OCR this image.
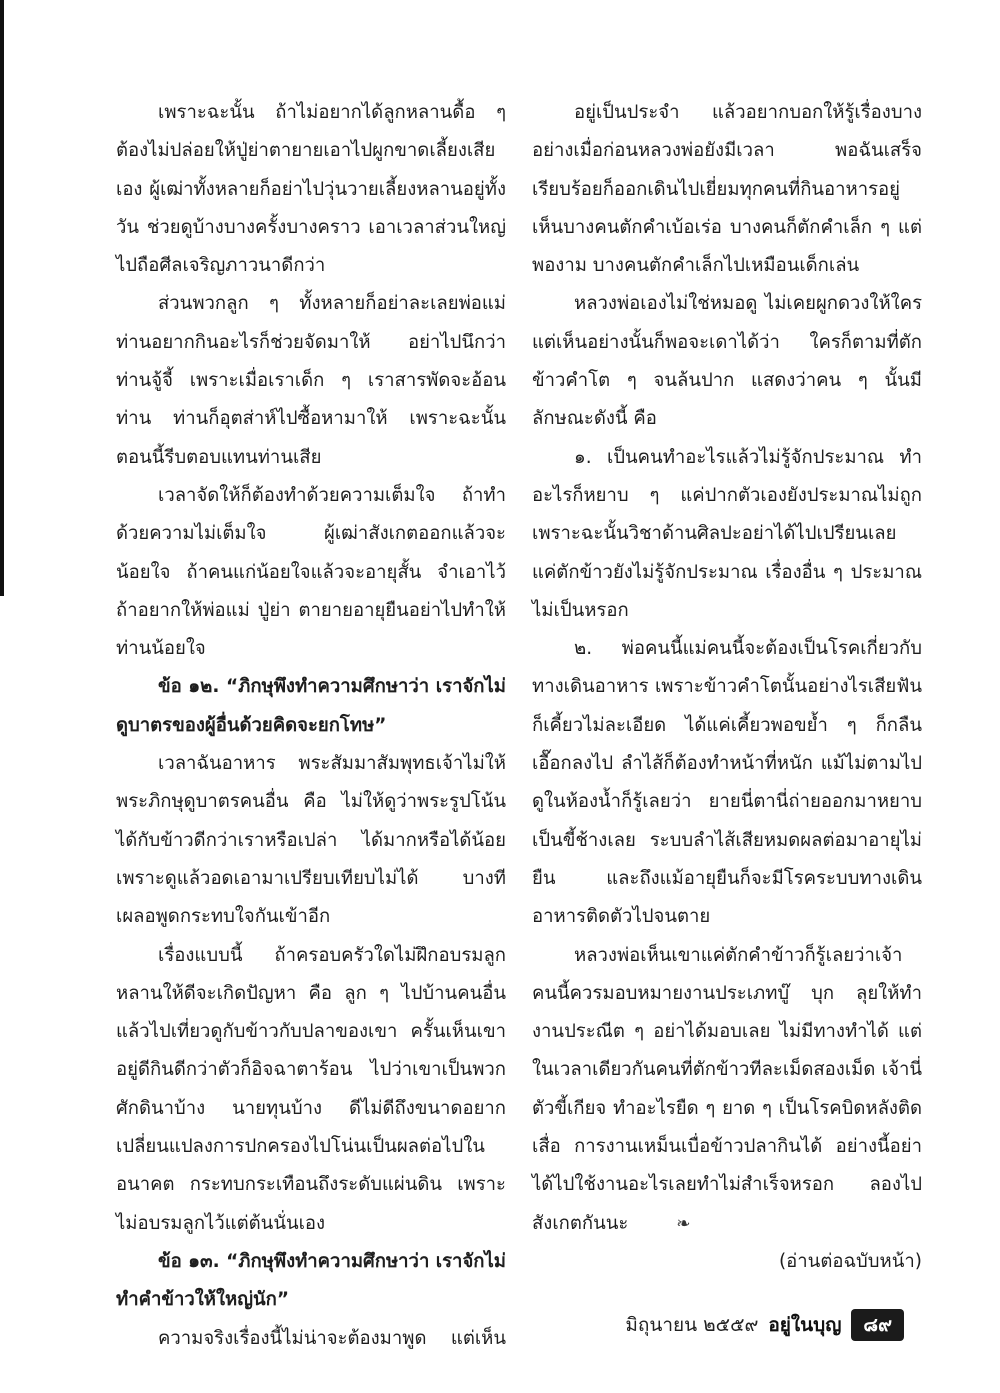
เพราะฉะนั้น ถ้าไม่อยากได้ลูกหลานดื้อ ๆ ต้องไม่ปล่อยให้ปู่ย่าตายายเอาไปผูกขาดเลี้ยงเสียเอง ผู้เฒ่าทั้งหลายก็อย่าไปวุ่นวายเลี้ยงหลานอยู่ทั้งวัน ช่วยดูบ้างบางครั้งบางคราว เอาเวลาส่วนใหญ่ไปถือศีลเจริญภาวนาดีกว่า

ส่วนพวกลูก ๆ ทั้งหลายก็อย่าละเลยพ่อแม่ ท่านอยากกินอะไรก็ช่วยจัดมาให้ อย่าไปนึกว่าท่านจู้จี้ เพราะเมื่อเราเด็ก ๆ เราสารพัดจะอ้อนท่าน ท่านก็อุตส่าห์ไปซื้อหามาให้ เพราะฉะนั้นตอนนี้รีบตอบแทนท่านเสีย

เวลาจัดให้ก็ต้องทำด้วยความเต็มใจ ถ้าทำด้วยความไม่เต็มใจ ผู้เฒ่าสังเกตออกแล้วจะน้อยใจ ถ้าคนแก่น้อยใจแล้วจะอายุสั้น จำเอาไว้ ถ้าอยากให้พ่อแม่ ปู่ย่า ตายายอายุยืนอย่าไปทำให้ท่านน้อยใจ

ข้อ ๑๒. “ภิกษุพึงทำความศึกษาว่า เราจักไม่ดูบาตรของผู้อื่นด้วยคิดจะยกโทษ”

เวลาฉันอาหาร พระสัมมาสัมพุทธเจ้าไม่ให้พระภิกษุดูบาตรคนอื่น คือ ไม่ให้ดูว่าพระรูปโน้นได้กับข้าวดีกว่าเราหรือเปล่า ได้มากหรือได้น้อย เพราะดูแล้วอดเอามาเปรียบเทียบไม่ได้ บางทีเผลอพูดกระทบใจกันเข้าอีก

เรื่องแบบนี้ ถ้าครอบครัวใดไม่ฝึกอบรมลูกหลานให้ดีจะเกิดปัญหา คือ ลูก ๆ ไปบ้านคนอื่นแล้วไปเที่ยวดูกับข้าวกับปลาของเขา ครั้นเห็นเขาอยู่ดีกินดีกว่าตัวก็อิจฉาตาร้อน ไปว่าเขาเป็นพวกศักดินาบ้าง นายทุนบ้าง ดีไม่ดีถึงขนาดอยากเปลี่ยนแปลงการปกครองไปโน่นเป็นผลต่อไปในอนาคต กระทบกระเทือนถึงระดับแผ่นดิน เพราะไม่อบรมลูกไว้แต่ต้นนั่นเอง

ข้อ ๑๓. “ภิกษุพึงทำความศึกษาว่า เราจักไม่ทำคำข้าวให้ใหญ่นัก”

ความจริงเรื่องนี้ไม่น่าจะต้องมาพูด แต่เห็น

อยู่เป็นประจำ แล้วอยากบอกให้รู้เรื่องบางอย่างเมื่อก่อนหลวงพ่อยังมีเวลา พอฉันเสร็จเรียบร้อยก็ออกเดินไปเยี่ยมทุกคนที่กินอาหารอยู่ เห็นบางคนตักคำเบ้อเร่อ บางคนก็ตักคำเล็ก ๆ แต่พองาม บางคนตักคำเล็กไปเหมือนเด็กเล่น

หลวงพ่อเองไม่ใช่หมอดู ไม่เคยผูกดวงให้ใคร แต่เห็นอย่างนั้นก็พอจะเดาได้ว่า ใครก็ตามที่ตักข้าวคำโต ๆ จนล้นปาก แสดงว่าคน ๆ นั้นมีลักษณะดังนี้ คือ

๑. เป็นคนทำอะไรแล้วไม่รู้จักประมาณ ทำอะไรก็หยาบ ๆ แค่ปากตัวเองยังประมาณไม่ถูก เพราะฉะนั้นวิชาด้านศิลปะอย่าได้ไปเปรียนเลย แค่ตักข้าวยังไม่รู้จักประมาณ เรื่องอื่น ๆ ประมาณไม่เป็นหรอก

๒. พ่อคนนี้แม่คนนี้จะต้องเป็นโรคเกี่ยวกับทางเดินอาหาร เพราะข้าวคำโตนั้นอย่างไรเสียฟันก็เคี้ยวไม่ละเอียด ได้แค่เคี้ยวพอขย้ำ ๆ ก็กลืนเอื๊อกลงไป ลำไส้ก็ต้องทำหน้าที่หนัก แม้ไม่ตามไปดูในห้องน้ำก็รู้เลยว่า ยายนี่ตานี่ถ่ายออกมาหยาบเป็นขี้ช้างเลย ระบบลำไส้เสียหมดผลต่อมาอายุไม่ยืน และถึงแม้อายุยืนก็จะมีโรคระบบทางเดินอาหารติดตัวไปจนตาย

หลวงพ่อเห็นเขาแค่ตักคำข้าวก็รู้เลยว่าเจ้าคนนี้ควรมอบหมายงานประเภทบู๊ บุก ลุยให้ทำ งานประณีต ๆ อย่าได้มอบเลย ไม่มีทางทำได้ แต่ในเวลาเดียวกันคนที่ตักข้าวทีละเม็ดสองเม็ด เจ้านี่ตัวขี้เกียจ ทำอะไรยืด ๆ ยาด ๆ เป็นโรคบิดหลังติดเสื่อ การงานเหม็นเบื่อข้าวปลากินได้ อย่างนี้อย่าได้ไปใช้งานอะไรเลยทำไม่สำเร็จหรอก ลองไปสังเกตกันนะ	❧

(อ่านต่อฉบับหน้า)

มิถุนายน ๒๕๕๙ อยู่ในบุญ	๘๙
